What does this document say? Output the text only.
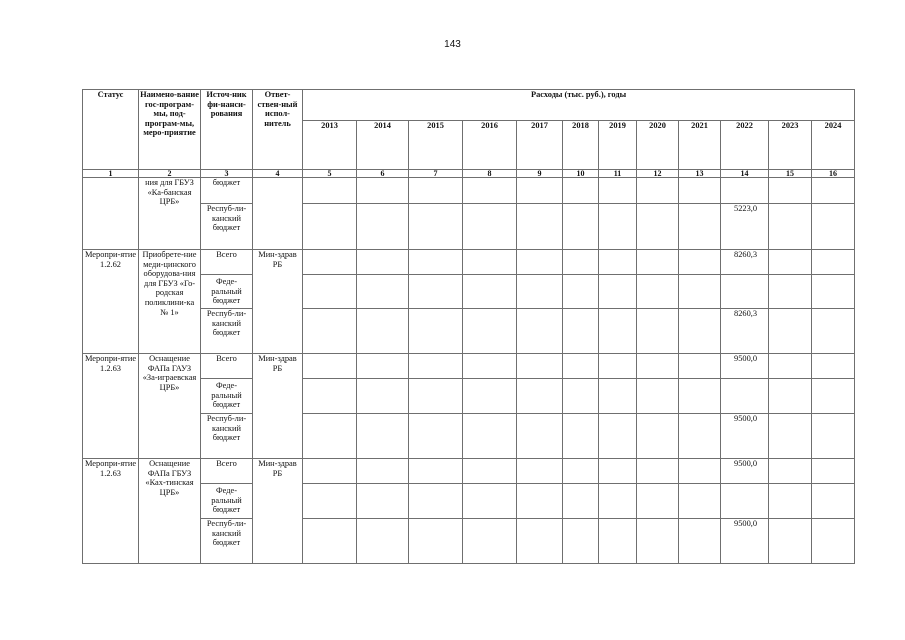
143
Статус	Наимено-вание гос-програм-мы, под-програм-мы, меро-приятие	Источ-ник фи-нанси-рования	Ответ-ствен-ный испол-нитель	Расходы (тыс. руб.), годы											
				2013	2014	2015	2016	2017	2018	2019	2020	2021	2022	2023	2024
1	2	3	4	5	6	7	8	9	10	11	12	13	14	15	16
	ния для ГБУЗ «Ка-банская ЦРБ»	бюджет													
		Респуб-ли-канский бюджет											5223,0		
Меропри-ятие 1.2.62	Приобрете-ние меди-цинского оборудова-ния для ГБУЗ «Го-родская поликлини-ка № 1»	Всего	Мин-здрав РБ										8260,3		
		Феде-ральный бюджет													
		Респуб-ли-канский бюджет											8260,3		
Меропри-ятие 1.2.63	Оснащение ФАПа ГАУЗ «За-играевская ЦРБ»	Всего	Мин-здрав РБ										9500,0		
		Феде-ральный бюджет													
		Респуб-ли-канский бюджет											9500,0		
Меропри-ятие 1.2.63	Оснащение ФАПа ГБУЗ «Ках-тинская ЦРБ»	Всего	Мин-здрав РБ										9500,0		
		Феде-ральный бюджет													
		Респуб-ли-канский бюджет											9500,0		
